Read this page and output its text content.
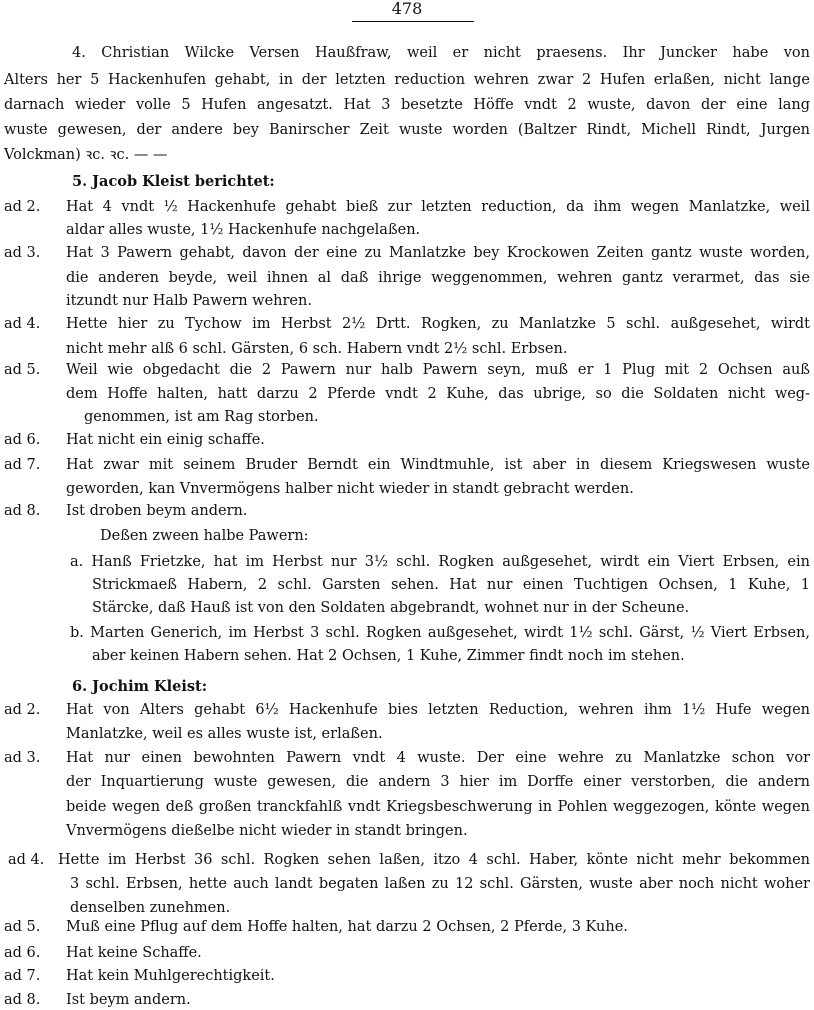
478
4. Christian Wilcke Versen Haußfraw, weil er nicht praesens. Ihr Juncker habe von
Alters her 5 Hackenhufen gehabt, in der letzten reduction wehren zwar 2 Hufen erlaßen, nicht lange
darnach wieder volle 5 Hufen angesatzt. Hat 3 besetzte Höffe vndt 2 wuste, davon der eine lang
wuste gewesen, der andere bey Banirscher Zeit wuste worden (Baltzer Rindt, Michell Rindt, Jurgen
Volckman) ꝛc. ꝛc. — —
5. Jacob Kleist berichtet:
ad 2.	Hat 4 vndt ½ Hackenhufe gehabt bieß zur letzten reduction, da ihm wegen Manlatzke, weil
aldar alles wuste, 1½ Hackenhufe nachgelaßen.
ad 3.	Hat 3 Pawern gehabt, davon der eine zu Manlatzke bey Krockowen Zeiten gantz wuste worden,
die anderen beyde, weil ihnen al daß ihrige weggenommen, wehren gantz verarmet, das sie
itzundt nur Halb Pawern wehren.
ad 4.	Hette hier zu Tychow im Herbst 2½ Drtt. Rogken, zu Manlatzke 5 schl. außgesehet, wirdt
nicht mehr alß 6 schl. Gärsten, 6 sch. Habern vndt 2½ schl. Erbsen.
ad 5.	Weil wie obgedacht die 2 Pawern nur halb Pawern seyn, muß er 1 Plug mit 2 Ochsen auß
dem Hoffe halten, hatt darzu 2 Pferde vndt 2 Kuhe, das ubrige, so die Soldaten nicht weg-
genommen, ist am Rag storben.
ad 6.	Hat nicht ein einig schaffe.
ad 7.	Hat zwar mit seinem Bruder Berndt ein Windtmuhle, ist aber in diesem Kriegswesen wuste
geworden, kan Vnvermögens halber nicht wieder in standt gebracht werden.
ad 8.	Ist droben beym andern.
Deßen zween halbe Pawern:
a. Hanß Frietzke, hat im Herbst nur 3½ schl. Rogken außgesehet, wirdt ein Viert Erbsen, ein
Strickmaeß Habern, 2 schl. Garsten sehen. Hat nur einen Tuchtigen Ochsen, 1 Kuhe, 1
Stärcke, daß Hauß ist von den Soldaten abgebrandt, wohnet nur in der Scheune.
b. Marten Generich, im Herbst 3 schl. Rogken außgesehet, wirdt 1½ schl. Gärst, ½ Viert Erbsen,
aber keinen Habern sehen. Hat 2 Ochsen, 1 Kuhe, Zimmer findt noch im stehen.
6. Jochim Kleist:
ad 2.	Hat von Alters gehabt 6½ Hackenhufe bies letzten Reduction, wehren ihm 1½ Hufe wegen
Manlatzke, weil es alles wuste ist, erlaßen.
ad 3.	Hat nur einen bewohnten Pawern vndt 4 wuste. Der eine wehre zu Manlatzke schon vor
der Inquartierung wuste gewesen, die andern 3 hier im Dorffe einer verstorben, die andern
beide wegen deß großen tranckfahlß vndt Kriegsbeschwerung in Pohlen weggezogen, könte wegen
Vnvermögens dießelbe nicht wieder in standt bringen.
ad 4. Hette im Herbst 36 schl. Rogken sehen laßen, itzo 4 schl. Haber, könte nicht mehr bekommen
3 schl. Erbsen, hette auch landt begaten laßen zu 12 schl. Gärsten, wuste aber noch nicht woher
denselben zunehmen.
ad 5.	Muß eine Pflug auf dem Hoffe halten, hat darzu 2 Ochsen, 2 Pferde, 3 Kuhe.
ad 6.	Hat keine Schaffe.
ad 7.	Hat kein Muhlgerechtigkeit.
ad 8.	Ist beym andern.
